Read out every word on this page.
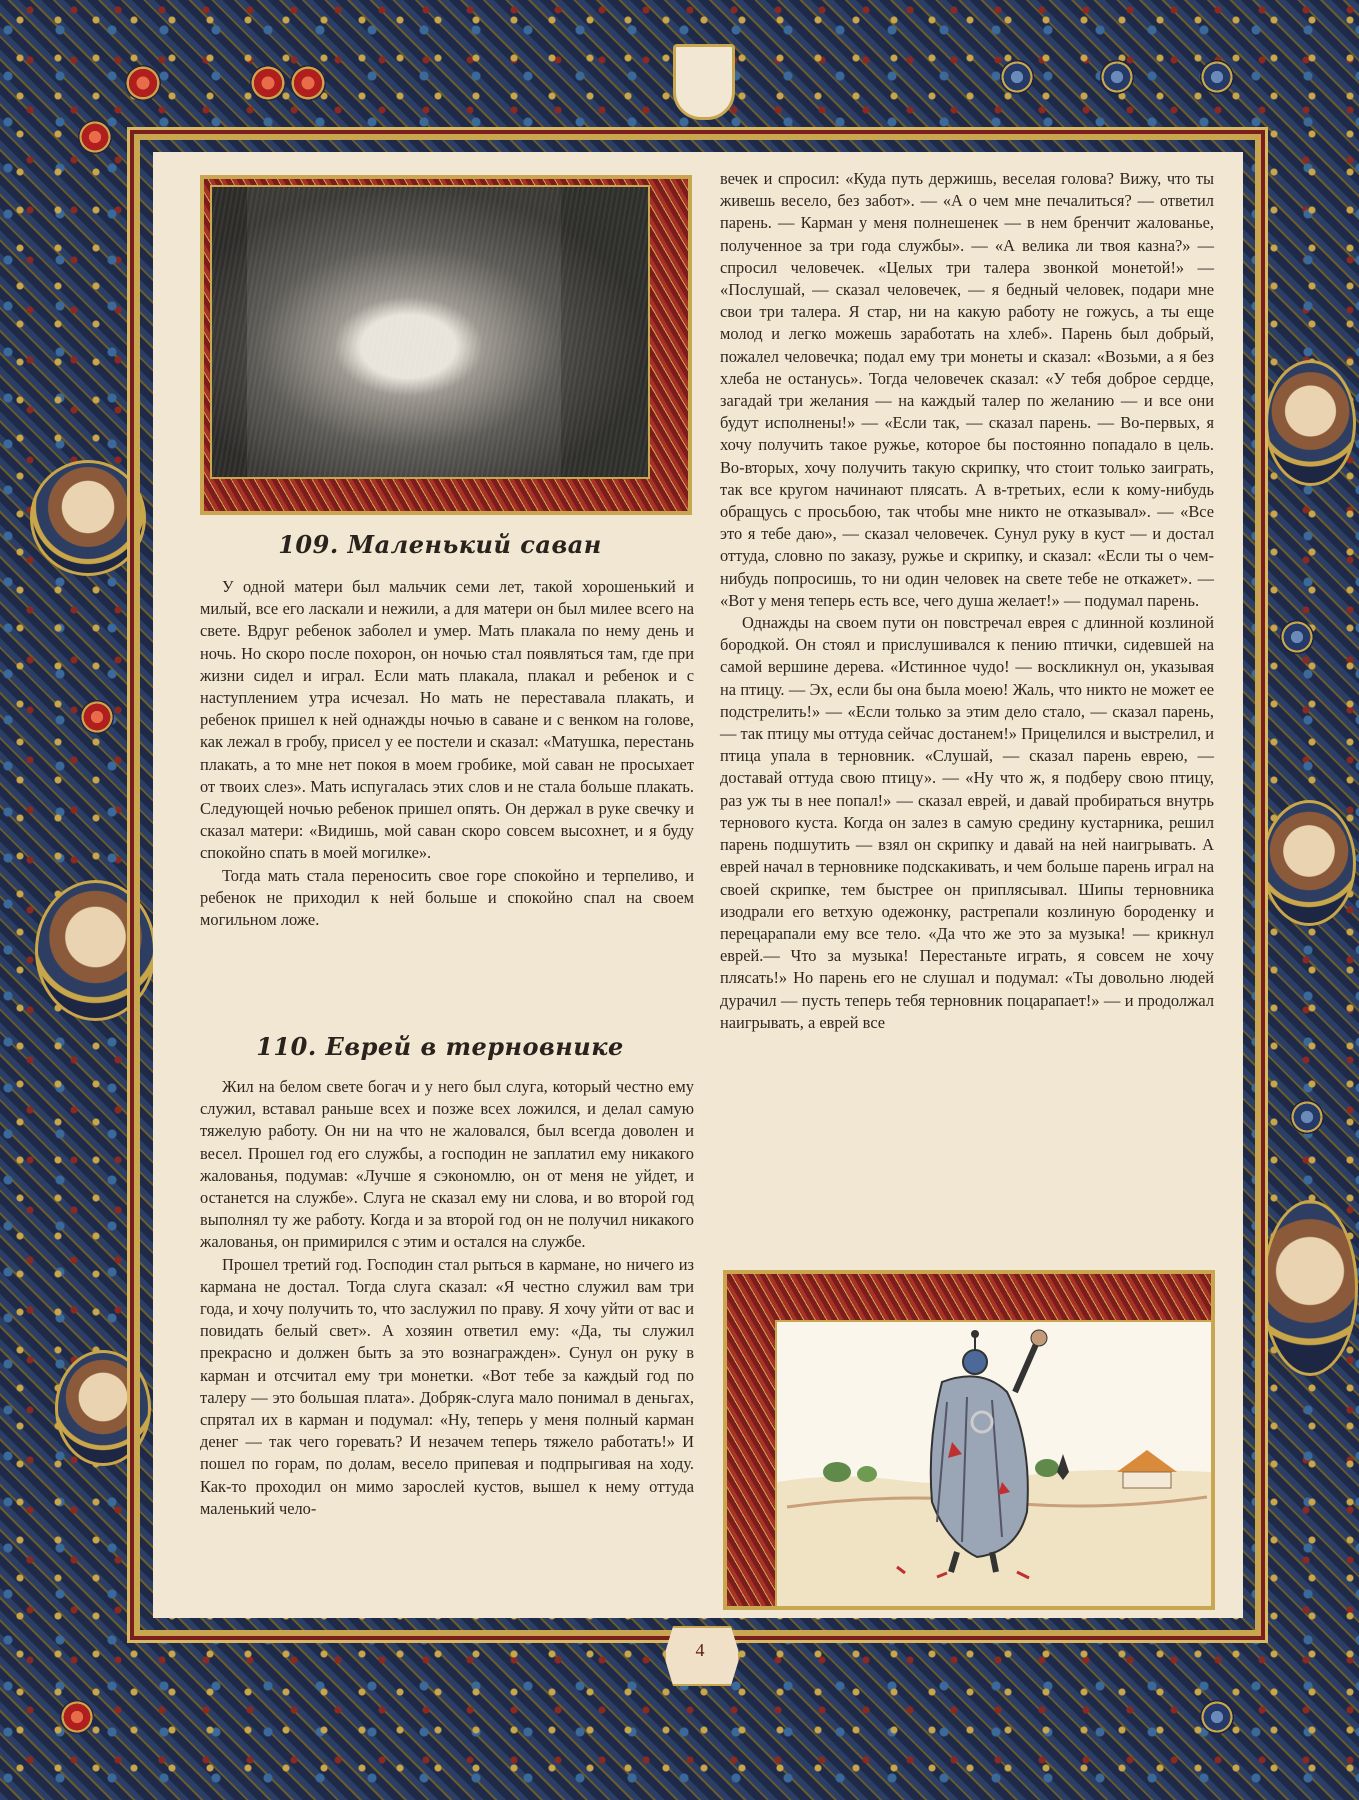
109. Маленький саван

У одной матери был мальчик семи лет, такой хорошенький и милый, все его ласкали и нежили, а для матери он был милее всего на свете. Вдруг ребенок заболел и умер. Мать плакала по нему день и ночь. Но скоро после похорон, он ночью стал появляться там, где при жизни сидел и играл. Если мать плакала, плакал и ребенок и с наступлением утра исчезал. Но мать не переставала плакать, и ребенок пришел к ней однажды ночью в саване и с венком на голове, как лежал в гробу, присел у ее постели и сказал: «Матушка, перестань плакать, а то мне нет покоя в моем гробике, мой саван не просыхает от твоих слез». Мать испугалась этих слов и не стала больше плакать. Следующей ночью ребенок пришел опять. Он держал в руке свечку и сказал матери: «Видишь, мой саван скоро совсем высохнет, и я буду спокойно спать в моей могилке».

Тогда мать стала переносить свое горе спокойно и терпеливо, и ребенок не приходил к ней больше и спокойно спал на своем могильном ложе.

110. Еврей в терновнике

Жил на белом свете богач и у него был слуга, который честно ему служил, вставал раньше всех и позже всех ложился, и делал самую тяжелую работу. Он ни на что не жаловался, был всегда доволен и весел. Прошел год его службы, а господин не заплатил ему никакого жалованья, подумав: «Лучше я сэкономлю, он от меня не уйдет, и останется на службе». Слуга не сказал ему ни слова, и во второй год выполнял ту же работу. Когда и за второй год он не получил никакого жалованья, он примирился с этим и остался на службе.

Прошел третий год. Господин стал рыться в кармане, но ничего из кармана не достал. Тогда слуга сказал: «Я честно служил вам три года, и хочу получить то, что заслужил по праву. Я хочу уйти от вас и повидать белый свет». А хозяин ответил ему: «Да, ты служил прекрасно и должен быть за это вознагражден». Сунул он руку в карман и отсчитал ему три монетки. «Вот тебе за каждый год по талеру — это большая плата». Добряк-слуга мало понимал в деньгах, спрятал их в карман и подумал: «Ну, теперь у меня полный карман денег — так чего горевать? И незачем теперь тяжело работать!» И пошел по горам, по долам, весело припевая и подпрыгивая на ходу. Как-то проходил он мимо зарослей кустов, вышел к нему оттуда маленький чело-

вечек и спросил: «Куда путь держишь, веселая голова? Вижу, что ты живешь весело, без забот». — «А о чем мне печалиться? — ответил парень. — Карман у меня полнешенек — в нем бренчит жалованье, полученное за три года службы». — «А велика ли твоя казна?» — спросил человечек. «Целых три талера звонкой монетой!» — «Послушай, — сказал человечек, — я бедный человек, подари мне свои три талера. Я стар, ни на какую работу не гожусь, а ты еще молод и легко можешь заработать на хлеб». Парень был добрый, пожалел человечка; подал ему три монеты и сказал: «Возьми, а я без хлеба не останусь». Тогда человечек сказал: «У тебя доброе сердце, загадай три желания — на каждый талер по желанию — и все они будут исполнены!» — «Если так, — сказал парень. — Во-первых, я хочу получить такое ружье, которое бы постоянно попадало в цель. Во-вторых, хочу получить такую скрипку, что стоит только заиграть, так все кругом начинают плясать. А в-третьих, если к кому-нибудь обращусь с просьбою, так чтобы мне никто не отказывал». — «Все это я тебе даю», — сказал человечек. Сунул руку в куст — и достал оттуда, словно по заказу, ружье и скрипку, и сказал: «Если ты о чем-нибудь попросишь, то ни один человек на свете тебе не откажет». — «Вот у меня теперь есть все, чего душа желает!» — подумал парень.

Однажды на своем пути он повстречал еврея с длинной козлиной бородкой. Он стоял и прислушивался к пению птички, сидевшей на самой вершине дерева. «Истинное чудо! — воскликнул он, указывая на птицу. — Эх, если бы она была моею! Жаль, что никто не может ее подстрелить!» — «Если только за этим дело стало, — сказал парень, — так птицу мы оттуда сейчас достанем!» Прицелился и выстрелил, и птица упала в терновник. «Слушай, — сказал парень еврею, — доставай оттуда свою птицу». — «Ну что ж, я подберу свою птицу, раз уж ты в нее попал!» — сказал еврей, и давай пробираться внутрь тернового куста. Когда он залез в самую средину кустарника, решил парень подшутить — взял он скрипку и давай на ней наигрывать. А еврей начал в терновнике подскакивать, и чем больше парень играл на своей скрипке, тем быстрее он приплясывал. Шипы терновника изодрали его ветхую одежонку, растрепали козлиную бороденку и перецарапали ему все тело. «Да что же это за музыка! — крикнул еврей.— Что за музыка! Перестаньте играть, я совсем не хочу плясать!» Но парень его не слушал и подумал: «Ты довольно людей дурачил — пусть теперь тебя терновник поцарапает!» — и продолжал наигрывать, а еврей все

4
